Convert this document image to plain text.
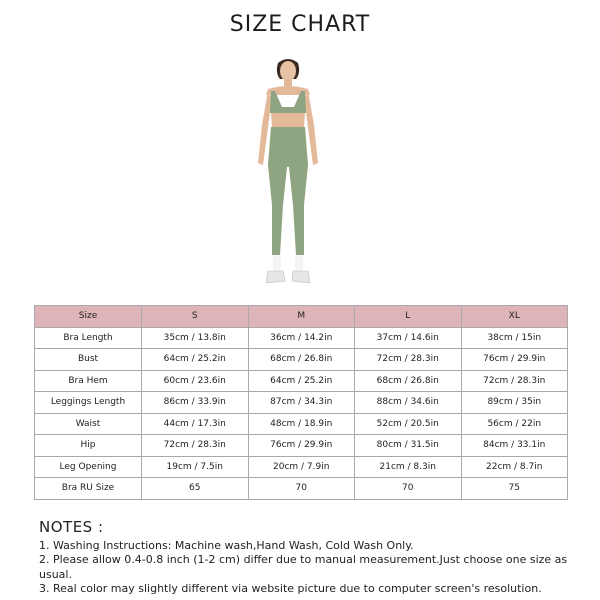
SIZE CHART
Size	S	M	L	XL
Bra Length	35cm / 13.8in	36cm / 14.2in	37cm / 14.6in	38cm / 15in
Bust	64cm / 25.2in	68cm / 26.8in	72cm / 28.3in	76cm / 29.9in
Bra Hem	60cm / 23.6in	64cm / 25.2in	68cm / 26.8in	72cm / 28.3in
Leggings Length	86cm / 33.9in	87cm / 34.3in	88cm / 34.6in	89cm / 35in
Waist	44cm / 17.3in	48cm / 18.9in	52cm / 20.5in	56cm / 22in
Hip	72cm / 28.3in	76cm / 29.9in	80cm / 31.5in	84cm / 33.1in
Leg Opening	19cm / 7.5in	20cm / 7.9in	21cm / 8.3in	22cm / 8.7in
Bra RU Size	65	70	70	75
NOTES :
1. Washing Instructions: Machine wash,Hand Wash, Cold Wash Only.
2. Please allow 0.4-0.8 inch (1-2 cm) differ due to manual measurement.Just choose one size as usual.
3. Real color may slightly different via website picture due to computer screen's resolution.
